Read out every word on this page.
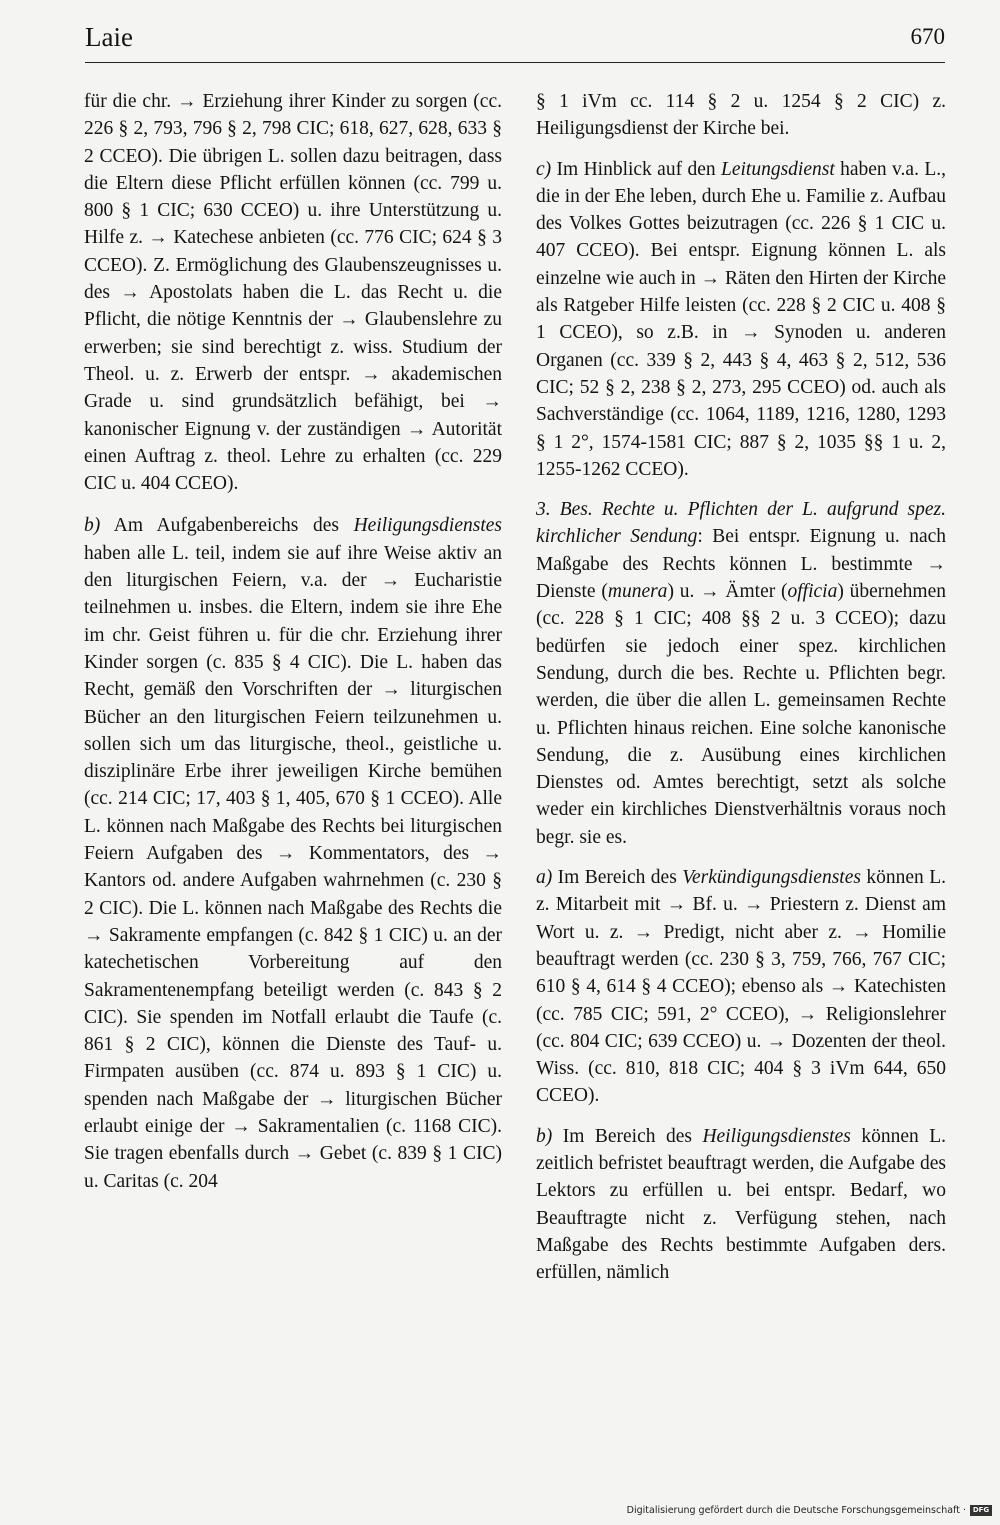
Laie	670

für die chr. → Erziehung ihrer Kinder zu sorgen (cc. 226 § 2, 793, 796 § 2, 798 CIC; 618, 627, 628, 633 § 2 CCEO). Die übrigen L. sollen dazu beitragen, dass die Eltern diese Pflicht erfüllen können (cc. 799 u. 800 § 1 CIC; 630 CCEO) u. ihre Unterstützung u. Hilfe z. → Katechese anbieten (cc. 776 CIC; 624 § 3 CCEO). Z. Ermöglichung des Glaubenszeugnisses u. des → Apostolats haben die L. das Recht u. die Pflicht, die nötige Kenntnis der → Glaubenslehre zu erwerben; sie sind berechtigt z. wiss. Studium der Theol. u. z. Erwerb der entspr. → akademischen Grade u. sind grundsätzlich befähigt, bei → kanonischer Eignung v. der zuständigen → Autorität einen Auftrag z. theol. Lehre zu erhalten (cc. 229 CIC u. 404 CCEO).

b) Am Aufgabenbereichs des Heiligungsdienstes haben alle L. teil, indem sie auf ihre Weise aktiv an den liturgischen Feiern, v.a. der → Eucharistie teilnehmen u. insbes. die Eltern, indem sie ihre Ehe im chr. Geist führen u. für die chr. Erziehung ihrer Kinder sorgen (c. 835 § 4 CIC). Die L. haben das Recht, gemäß den Vorschriften der → liturgischen Bücher an den liturgischen Feiern teilzunehmen u. sollen sich um das liturgische, theol., geistliche u. disziplinäre Erbe ihrer jeweiligen Kirche bemühen (cc. 214 CIC; 17, 403 § 1, 405, 670 § 1 CCEO). Alle L. können nach Maßgabe des Rechts bei liturgischen Feiern Aufgaben des → Kommentators, des → Kantors od. andere Aufgaben wahrnehmen (c. 230 § 2 CIC). Die L. können nach Maßgabe des Rechts die → Sakramente empfangen (c. 842 § 1 CIC) u. an der katechetischen Vorbereitung auf den Sakramentenempfang beteiligt werden (c. 843 § 2 CIC). Sie spenden im Notfall erlaubt die Taufe (c. 861 § 2 CIC), können die Dienste des Tauf- u. Firmpaten ausüben (cc. 874 u. 893 § 1 CIC) u. spenden nach Maßgabe der → liturgischen Bücher erlaubt einige der → Sakramentalien (c. 1168 CIC). Sie tragen ebenfalls durch → Gebet (c. 839 § 1 CIC) u. Caritas (c. 204

§ 1 iVm cc. 114 § 2 u. 1254 § 2 CIC) z. Heiligungsdienst der Kirche bei.

c) Im Hinblick auf den Leitungsdienst haben v.a. L., die in der Ehe leben, durch Ehe u. Familie z. Aufbau des Volkes Gottes beizutragen (cc. 226 § 1 CIC u. 407 CCEO). Bei entspr. Eignung können L. als einzelne wie auch in → Räten den Hirten der Kirche als Ratgeber Hilfe leisten (cc. 228 § 2 CIC u. 408 § 1 CCEO), so z.B. in → Synoden u. anderen Organen (cc. 339 § 2, 443 § 4, 463 § 2, 512, 536 CIC; 52 § 2, 238 § 2, 273, 295 CCEO) od. auch als Sachverständige (cc. 1064, 1189, 1216, 1280, 1293 § 1 2°, 1574-1581 CIC; 887 § 2, 1035 §§ 1 u. 2, 1255-1262 CCEO).

3. Bes. Rechte u. Pflichten der L. aufgrund spez. kirchlicher Sendung: Bei entspr. Eignung u. nach Maßgabe des Rechts können L. bestimmte → Dienste (munera) u. → Ämter (officia) übernehmen (cc. 228 § 1 CIC; 408 §§ 2 u. 3 CCEO); dazu bedürfen sie jedoch einer spez. kirchlichen Sendung, durch die bes. Rechte u. Pflichten begr. werden, die über die allen L. gemeinsamen Rechte u. Pflichten hinaus reichen. Eine solche kanonische Sendung, die z. Ausübung eines kirchlichen Dienstes od. Amtes berechtigt, setzt als solche weder ein kirchliches Dienstverhältnis voraus noch begr. sie es.

a) Im Bereich des Verkündigungsdienstes können L. z. Mitarbeit mit → Bf. u. → Priestern z. Dienst am Wort u. z. → Predigt, nicht aber z. → Homilie beauftragt werden (cc. 230 § 3, 759, 766, 767 CIC; 610 § 4, 614 § 4 CCEO); ebenso als → Katechisten (cc. 785 CIC; 591, 2° CCEO), → Religionslehrer (cc. 804 CIC; 639 CCEO) u. → Dozenten der theol. Wiss. (cc. 810, 818 CIC; 404 § 3 iVm 644, 650 CCEO).

b) Im Bereich des Heiligungsdienstes können L. zeitlich befristet beauftragt werden, die Aufgabe des Lektors zu erfüllen u. bei entspr. Bedarf, wo Beauftragte nicht z. Verfügung stehen, nach Maßgabe des Rechts bestimmte Aufgaben ders. erfüllen, nämlich

Digitalisierung gefördert durch die Deutsche Forschungsgemeinschaft · DFG
